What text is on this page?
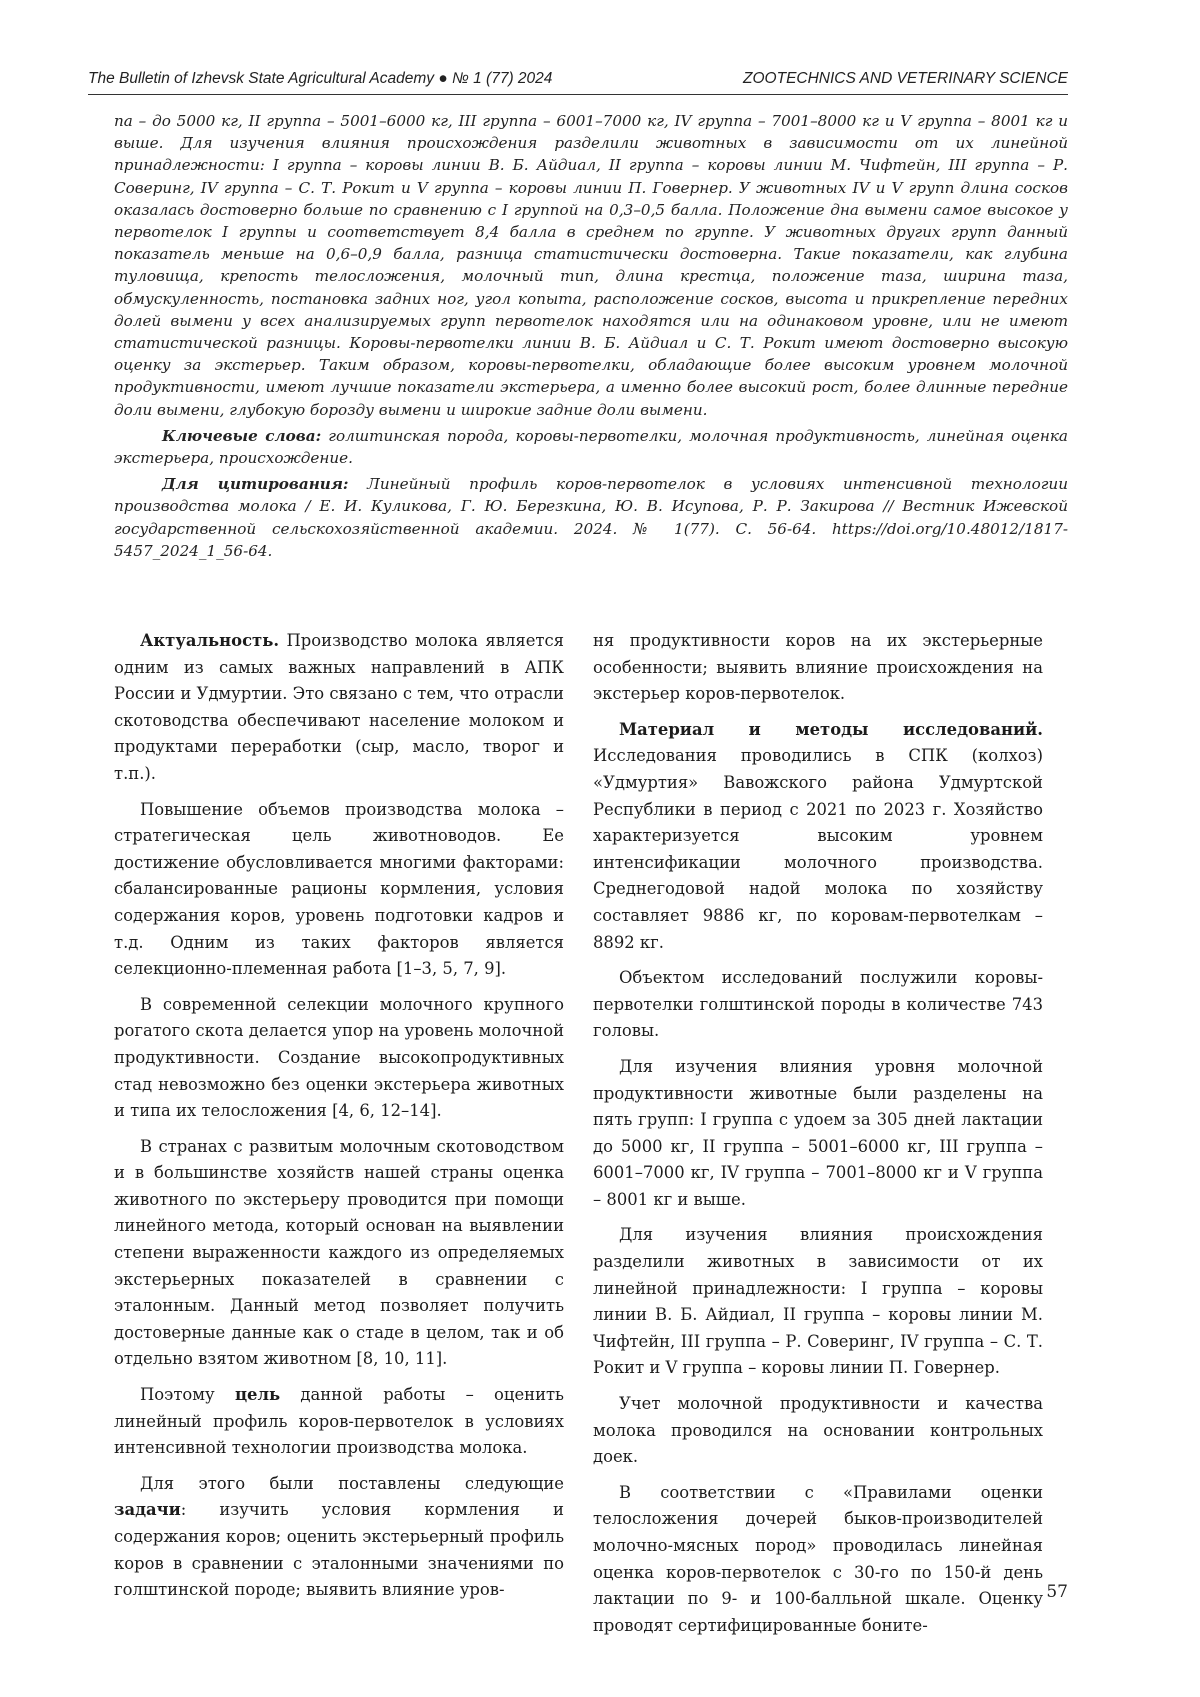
The Bulletin of Izhevsk State Agricultural Academy ● № 1 (77) 2024	ZOOTECHNICS AND VETERINARY SCIENCE

па – до 5000 кг, II группа – 5001–6000 кг, III группа – 6001–7000 кг, IV группа – 7001–8000 кг и V группа – 8001 кг и выше. Для изучения влияния происхождения разделили животных в зависимости от их линейной принадлежности: I группа – коровы линии В. Б. Айдиал, II группа – коровы линии М. Чифтейн, III группа – Р. Соверинг, IV группа – С. Т. Рокит и V группа – коровы линии П. Говернер. У животных IV и V групп длина сосков оказалась достоверно больше по сравнению с I группой на 0,3–0,5 балла. Положение дна вымени самое высокое у первотелок I группы и соответствует 8,4 балла в среднем по группе. У животных других групп данный показатель меньше на 0,6–0,9 балла, разница статистически достоверна. Такие показатели, как глубина туловища, крепость телосложения, молочный тип, длина крестца, положение таза, ширина таза, обмускуленность, постановка задних ног, угол копыта, расположение сосков, высота и прикрепление передних долей вымени у всех анализируемых групп первотелок находятся или на одинаковом уровне, или не имеют статистической разницы. Коровы-первотелки линии В. Б. Айдиал и С. Т. Рокит имеют достоверно высокую оценку за экстерьер. Таким образом, коровы-первотелки, обладающие более высоким уровнем молочной продуктивности, имеют лучшие показатели экстерьера, а именно более высокий рост, более длинные передние доли вымени, глубокую борозду вымени и широкие задние доли вымени.

Ключевые слова: голштинская порода, коровы-первотелки, молочная продуктивность, линейная оценка экстерьера, происхождение.

Для цитирования: Линейный профиль коров-первотелок в условиях интенсивной технологии производства молока / Е. И. Куликова, Г. Ю. Березкина, Ю. В. Исупова, Р. Р. Закирова // Вестник Ижевской государственной сельскохозяйственной академии. 2024. № 1(77). С. 56-64. https://doi.org/10.48012/1817-5457_2024_1_56-64.

Актуальность. Производство молока является одним из самых важных направлений в АПК России и Удмуртии. Это связано с тем, что отрасли скотоводства обеспечивают население молоком и продуктами переработки (сыр, масло, творог и т.п.).

Повышение объемов производства молока – стратегическая цель животноводов. Ее достижение обусловливается многими факторами: сбалансированные рационы кормления, условия содержания коров, уровень подготовки кадров и т.д. Одним из таких факторов является селекционно-племенная работа [1–3, 5, 7, 9].

В современной селекции молочного крупного рогатого скота делается упор на уровень молочной продуктивности. Создание высокопродуктивных стад невозможно без оценки экстерьера животных и типа их телосложения [4, 6, 12–14].

В странах с развитым молочным скотоводством и в большинстве хозяйств нашей страны оценка животного по экстерьеру проводится при помощи линейного метода, который основан на выявлении степени выраженности каждого из определяемых экстерьерных показателей в сравнении с эталонным. Данный метод позволяет получить достоверные данные как о стаде в целом, так и об отдельно взятом животном [8, 10, 11].

Поэтому цель данной работы – оценить линейный профиль коров-первотелок в условиях интенсивной технологии производства молока.

Для этого были поставлены следующие задачи: изучить условия кормления и содержания коров; оценить экстерьерный профиль коров в сравнении с эталонными значениями по голштинской породе; выявить влияние уров-

ня продуктивности коров на их экстерьерные особенности; выявить влияние происхождения на экстерьер коров-первотелок.

Материал и методы исследований. Исследования проводились в СПК (колхоз) «Удмуртия» Вавожского района Удмуртской Республики в период с 2021 по 2023 г. Хозяйство характеризуется высоким уровнем интенсификации молочного производства. Среднегодовой надой молока по хозяйству составляет 9886 кг, по коровам-первотелкам – 8892 кг.

Объектом исследований послужили коровы-первотелки голштинской породы в количестве 743 головы.

Для изучения влияния уровня молочной продуктивности животные были разделены на пять групп: I группа с удоем за 305 дней лактации до 5000 кг, II группа – 5001–6000 кг, III группа – 6001–7000 кг, IV группа – 7001–8000 кг и V группа – 8001 кг и выше.

Для изучения влияния происхождения разделили животных в зависимости от их линейной принадлежности: I группа – коровы линии В. Б. Айдиал, II группа – коровы линии М. Чифтейн, III группа – Р. Соверинг, IV группа – С. Т. Рокит и V группа – коровы линии П. Говернер.

Учет молочной продуктивности и качества молока проводился на основании контрольных доек.

В соответствии с «Правилами оценки телосложения дочерей быков-производителей молочно-мясных пород» проводилась линейная оценка коров-первотелок с 30-го по 150-й день лактации по 9- и 100-балльной шкале. Оценку проводят сертифицированные боните-

57
